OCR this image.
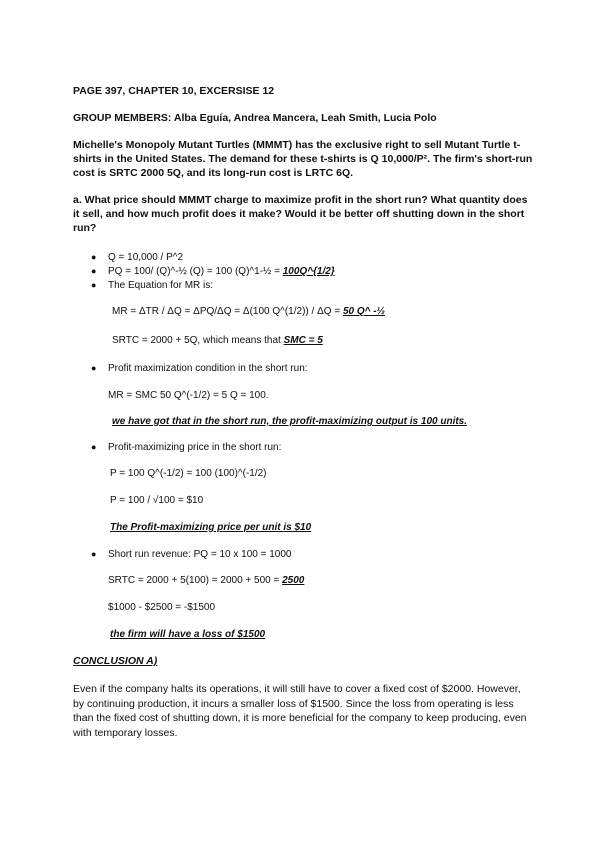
PAGE 397, CHAPTER 10, EXCERSISE 12
GROUP MEMBERS: Alba Eguía, Andrea Mancera, Leah Smith, Lucia Polo
Michelle's Monopoly Mutant Turtles (MMMT) has the exclusive right to sell Mutant Turtle t-shirts in the United States. The demand for these t-shirts is Q 10,000/P². The firm's short-run cost is SRTC 2000 5Q, and its long-run cost is LRTC 6Q.
a. What price should MMMT charge to maximize profit in the short run? What quantity does it sell, and how much profit does it make? Would it be better off shutting down in the short run?
● Q = 10,000 / P^2
● PQ = 100/ (Q)^-½ (Q) = 100 (Q)^1-½ = 100Q^{1/2}
● The Equation for MR is:
MR = ΔTR / ΔQ = ΔPQ/ΔQ = Δ(100 Q^(1/2)) / ΔQ = 50 Q^ -½
SRTC = 2000 + 5Q, which means that SMC = 5
● Profit maximization condition in the short run:
MR = SMC 50 Q^(-1/2) = 5 Q = 100.
we have got that in the short run, the profit-maximizing output is 100 units.
● Profit-maximizing price in the short run:
P = 100 Q^(-1/2) = 100 (100)^(-1/2)
P = 100 / √100 = $10
The Profit-maximizing price per unit is $10
● Short run revenue: PQ = 10 x 100 = 1000
SRTC = 2000 + 5(100) = 2000 + 500 = 2500
$1000 - $2500 = -$1500
the firm will have a loss of $1500
CONCLUSION A)
Even if the company halts its operations, it will still have to cover a fixed cost of $2000. However, by continuing production, it incurs a smaller loss of $1500. Since the loss from operating is less than the fixed cost of shutting down, it is more beneficial for the company to keep producing, even with temporary losses.
